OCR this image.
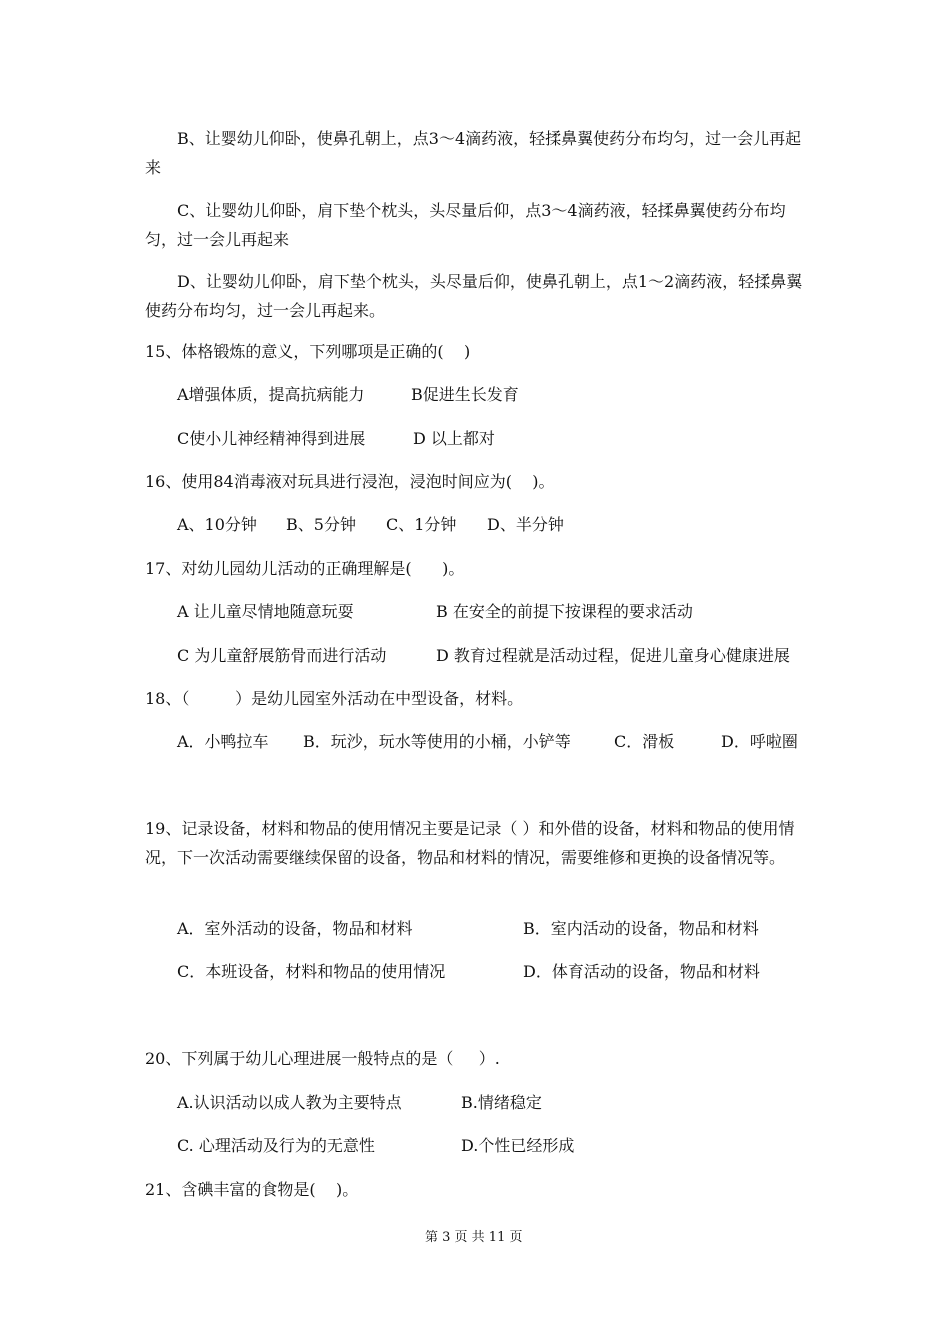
B、让婴幼儿仰卧，使鼻孔朝上，点3～4滴药液，轻揉鼻翼使药分布均匀，过一会儿再起来
C、让婴幼儿仰卧，肩下垫个枕头，头尽量后仰，点3～4滴药液，轻揉鼻翼使药分布均匀，过一会儿再起来
D、让婴幼儿仰卧，肩下垫个枕头，头尽量后仰，使鼻孔朝上，点1～2滴药液，轻揉鼻翼使药分布均匀，过一会儿再起来。
15、体格锻炼的意义，下列哪项是正确的(    )
A增强体质，提高抗病能力	B促进生长发育
C使小儿神经精神得到进展	D 以上都对
16、使用84消毒液对玩具进行浸泡，浸泡时间应为(    )。
A、10分钟 B、5分钟 C、1分钟 D、半分钟
17、对幼儿园幼儿活动的正确理解是(      )。
A 让儿童尽情地随意玩耍	B 在安全的前提下按课程的要求活动
C 为儿童舒展筋骨而进行活动	D 教育过程就是活动过程，促进儿童身心健康进展
18、（         ）是幼儿园室外活动在中型设备，材料。
A．小鸭拉车 B．玩沙，玩水等使用的小桶，小铲等	C．滑板	D．呼啦圈
19、记录设备，材料和物品的使用情况主要是记录（ ）和外借的设备，材料和物品的使用情况，下一次活动需要继续保留的设备，物品和材料的情况，需要维修和更换的设备情况等。
A．室外活动的设备，物品和材料	B．室内活动的设备，物品和材料
C．本班设备，材料和物品的使用情况	D．体育活动的设备，物品和材料
20、下列属于幼儿心理进展一般特点的是（     ）.
A.认识活动以成人教为主要特点	B.情绪稳定
C. 心理活动及行为的无意性	D.个性已经形成
21、含碘丰富的食物是(    )。
第 3 页 共 11 页
